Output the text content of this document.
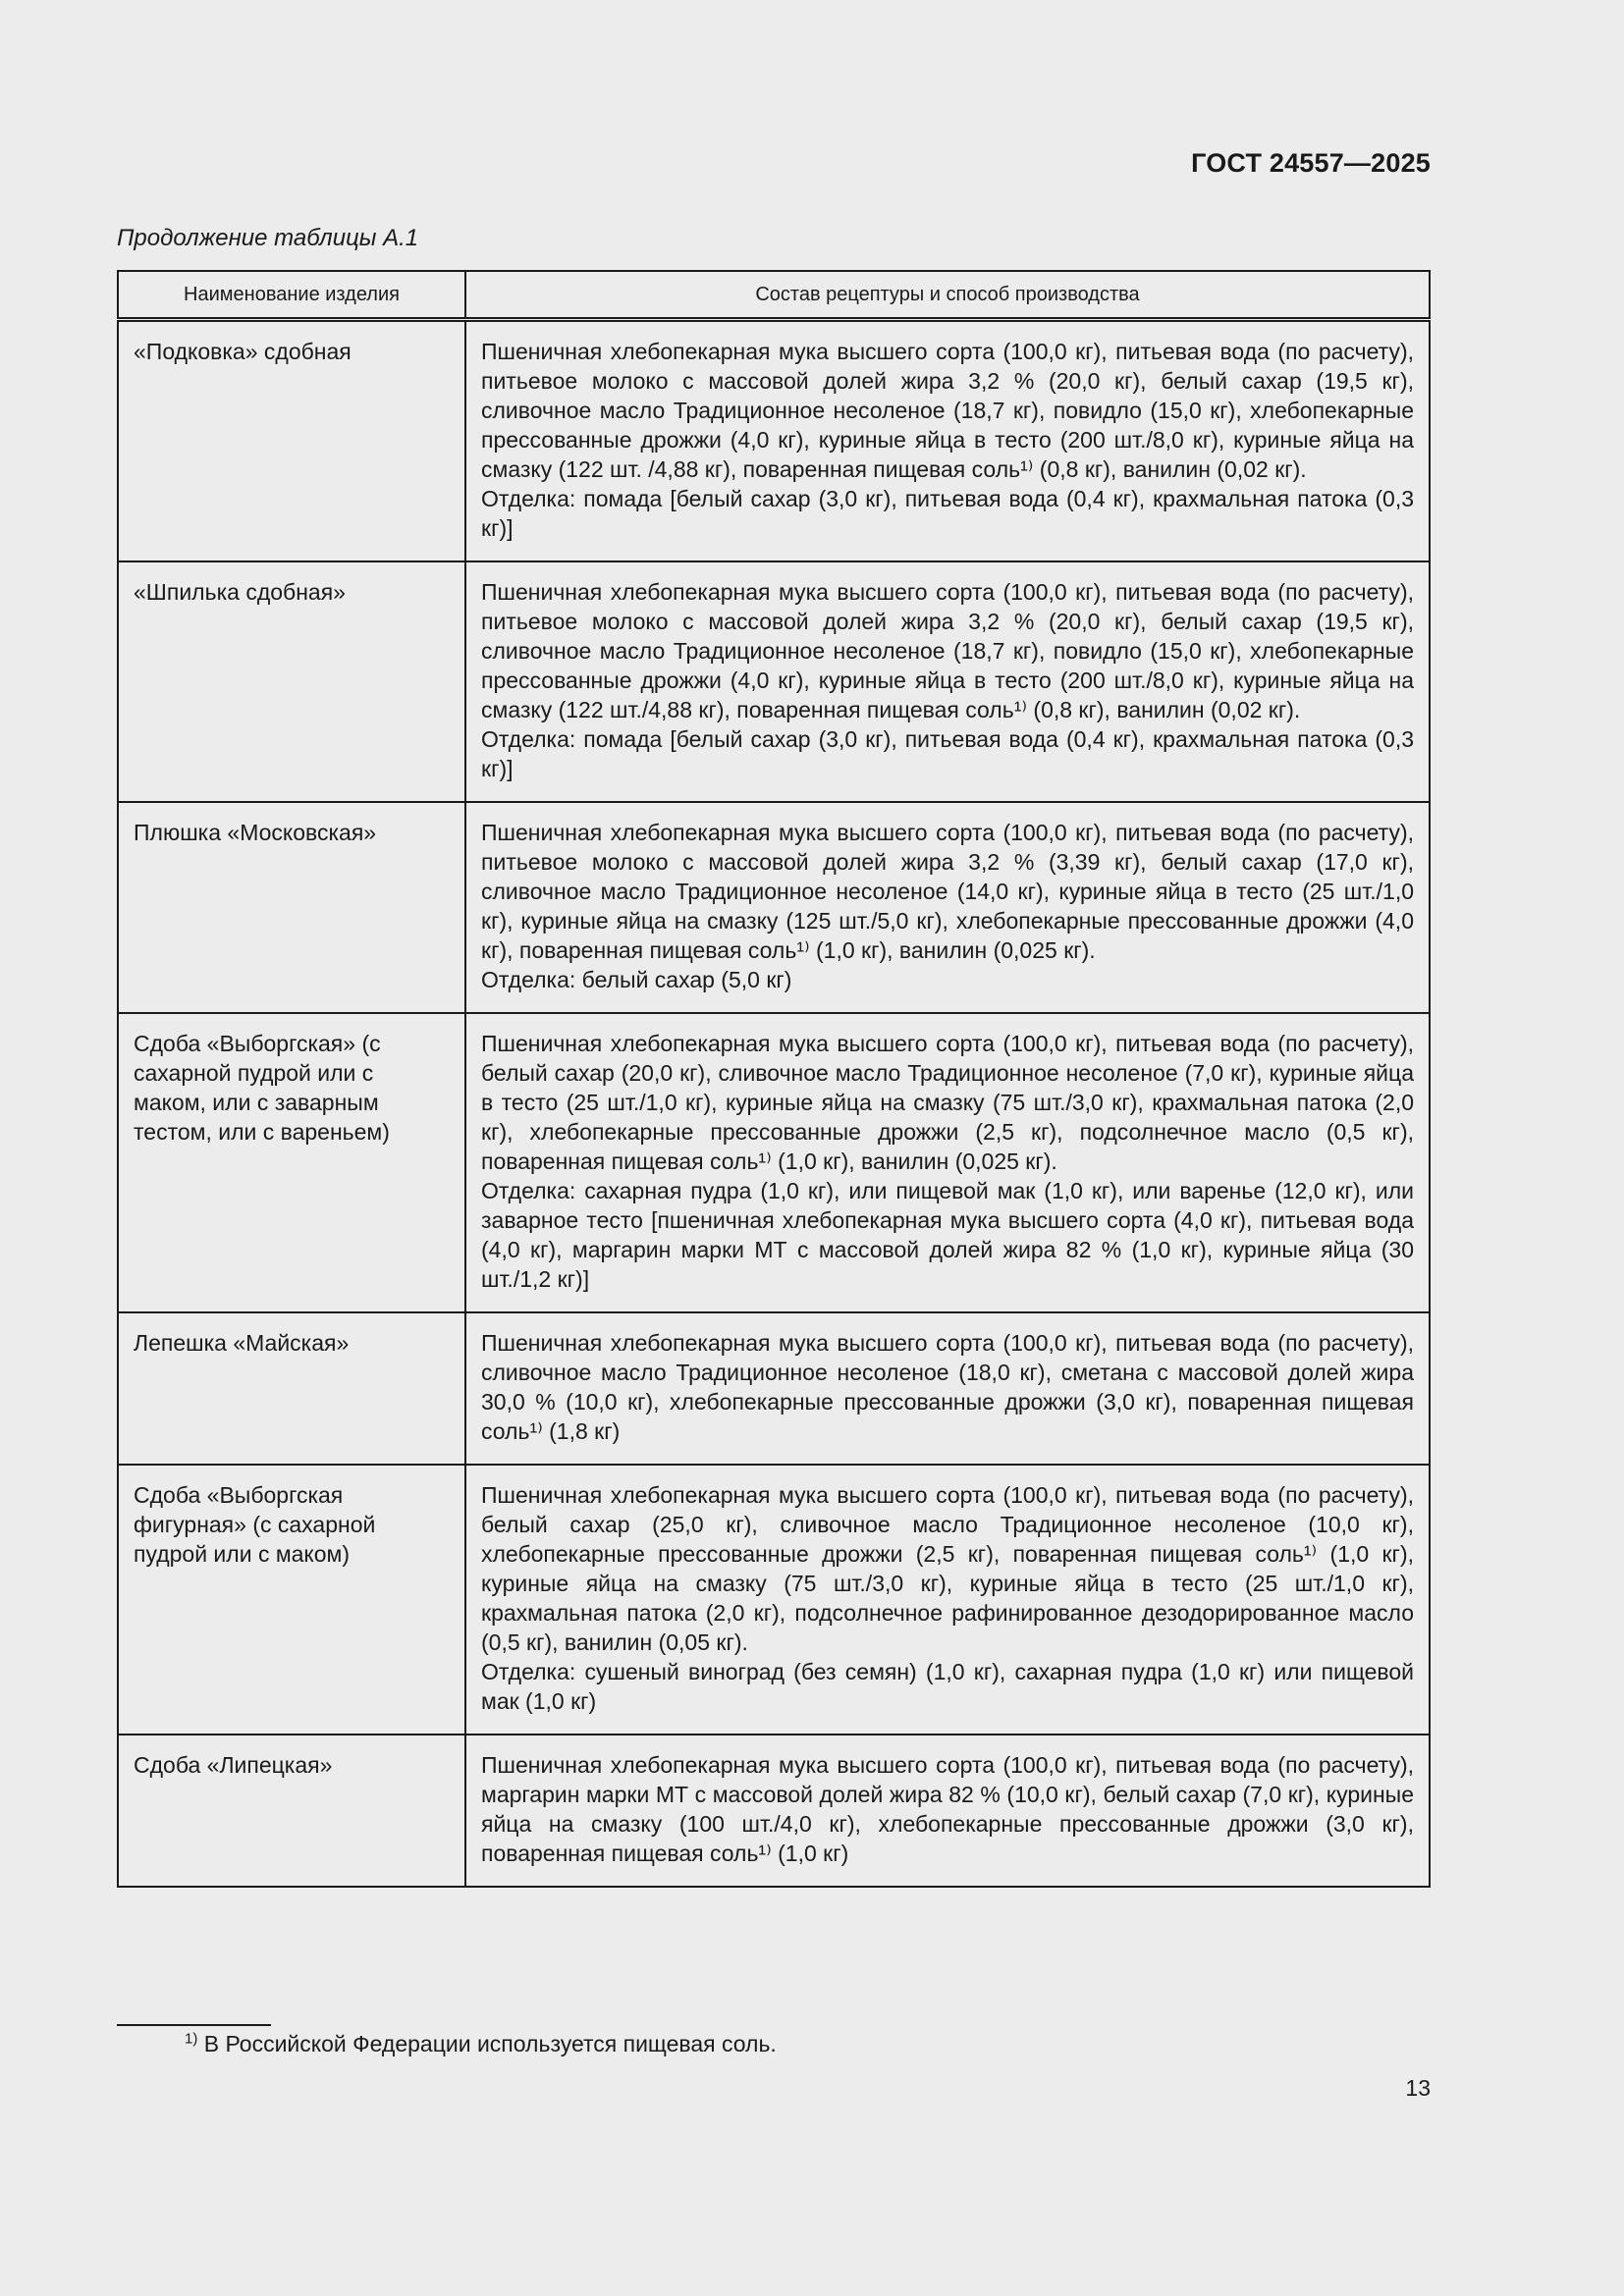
ГОСТ 24557—2025
Продолжение таблицы А.1
Наименование изделия	Состав рецептуры и способ производства
«Подковка» сдобная	Пшеничная хлебопекарная мука высшего сорта (100,0 кг), питьевая вода (по расчету), питьевое молоко с массовой долей жира 3,2 % (20,0 кг), белый сахар (19,5 кг), сливочное масло Традиционное несоленое (18,7 кг), повидло (15,0 кг), хлебопекарные прессованные дрожжи (4,0 кг), куриные яйца в тесто (200 шт./8,0 кг), куриные яйца на смазку (122 шт. /4,88 кг), поваренная пищевая соль¹⁾ (0,8 кг), ванилин (0,02 кг).
Отделка: помада [белый сахар (3,0 кг), питьевая вода (0,4 кг), крахмальная патока (0,3 кг)]

«Шпилька сдобная»	Пшеничная хлебопекарная мука высшего сорта (100,0 кг), питьевая вода (по расчету), питьевое молоко с массовой долей жира 3,2 % (20,0 кг), белый сахар (19,5 кг), сливочное масло Традиционное несоленое (18,7 кг), повидло (15,0 кг), хлебопекарные прессованные дрожжи (4,0 кг), куриные яйца в тесто (200 шт./8,0 кг), куриные яйца на смазку (122 шт./4,88 кг), поваренная пищевая соль¹⁾ (0,8 кг), ванилин (0,02 кг).
Отделка: помада [белый сахар (3,0 кг), питьевая вода (0,4 кг), крахмальная патока (0,3 кг)]

Плюшка «Московская»	Пшеничная хлебопекарная мука высшего сорта (100,0 кг), питьевая вода (по расчету), питьевое молоко с массовой долей жира 3,2 % (3,39 кг), белый сахар (17,0 кг), сливочное масло Традиционное несоленое (14,0 кг), куриные яйца в тесто (25 шт./1,0 кг), куриные яйца на смазку (125 шт./5,0 кг), хлебопекарные прессованные дрожжи (4,0 кг), поваренная пищевая соль¹⁾ (1,0 кг), ванилин (0,025 кг).
Отделка: белый сахар (5,0 кг)

Сдоба «Выборгская» (с сахарной пудрой или с маком, или с заварным тестом, или с вареньем)	Пшеничная хлебопекарная мука высшего сорта (100,0 кг), питьевая вода (по расчету), белый сахар (20,0 кг), сливочное масло Традиционное несоленое (7,0 кг), куриные яйца в тесто (25 шт./1,0 кг), куриные яйца на смазку (75 шт./3,0 кг), крахмальная патока (2,0 кг), хлебопекарные прессованные дрожжи (2,5 кг), подсолнечное масло (0,5 кг), поваренная пищевая соль¹⁾ (1,0 кг), ванилин (0,025 кг).
Отделка: сахарная пудра (1,0 кг), или пищевой мак (1,0 кг), или варенье (12,0 кг), или заварное тесто [пшеничная хлебопекарная мука высшего сорта (4,0 кг), питьевая вода (4,0 кг), маргарин марки МТ с массовой долей жира 82 % (1,0 кг), куриные яйца (30 шт./1,2 кг)]

Лепешка «Майская»	Пшеничная хлебопекарная мука высшего сорта (100,0 кг), питьевая вода (по расчету), сливочное масло Традиционное несоленое (18,0 кг), сметана с массовой долей жира 30,0 % (10,0 кг), хлебопекарные прессованные дрожжи (3,0 кг), поваренная пищевая соль¹⁾ (1,8 кг)

Сдоба «Выборгская фигурная» (с сахарной пудрой или с маком)	Пшеничная хлебопекарная мука высшего сорта (100,0 кг), питьевая вода (по расчету), белый сахар (25,0 кг), сливочное масло Традиционное несоленое (10,0 кг), хлебопекарные прессованные дрожжи (2,5 кг), поваренная пищевая соль¹⁾ (1,0 кг), куриные яйца на смазку (75 шт./3,0 кг), куриные яйца в тесто (25 шт./1,0 кг), крахмальная патока (2,0 кг), подсолнечное рафинированное дезодорированное масло (0,5 кг), ванилин (0,05 кг).
Отделка: сушеный виноград (без семян) (1,0 кг), сахарная пудра (1,0 кг) или пищевой мак (1,0 кг)

Сдоба «Липецкая»	Пшеничная хлебопекарная мука высшего сорта (100,0 кг), питьевая вода (по расчету), маргарин марки МТ с массовой долей жира 82 % (10,0 кг), белый сахар (7,0 кг), куриные яйца на смазку (100 шт./4,0 кг), хлебопекарные прессованные дрожжи (3,0 кг), поваренная пищевая соль¹⁾ (1,0 кг)
$^{1)}$ В Российской Федерации используется пищевая соль.
13
